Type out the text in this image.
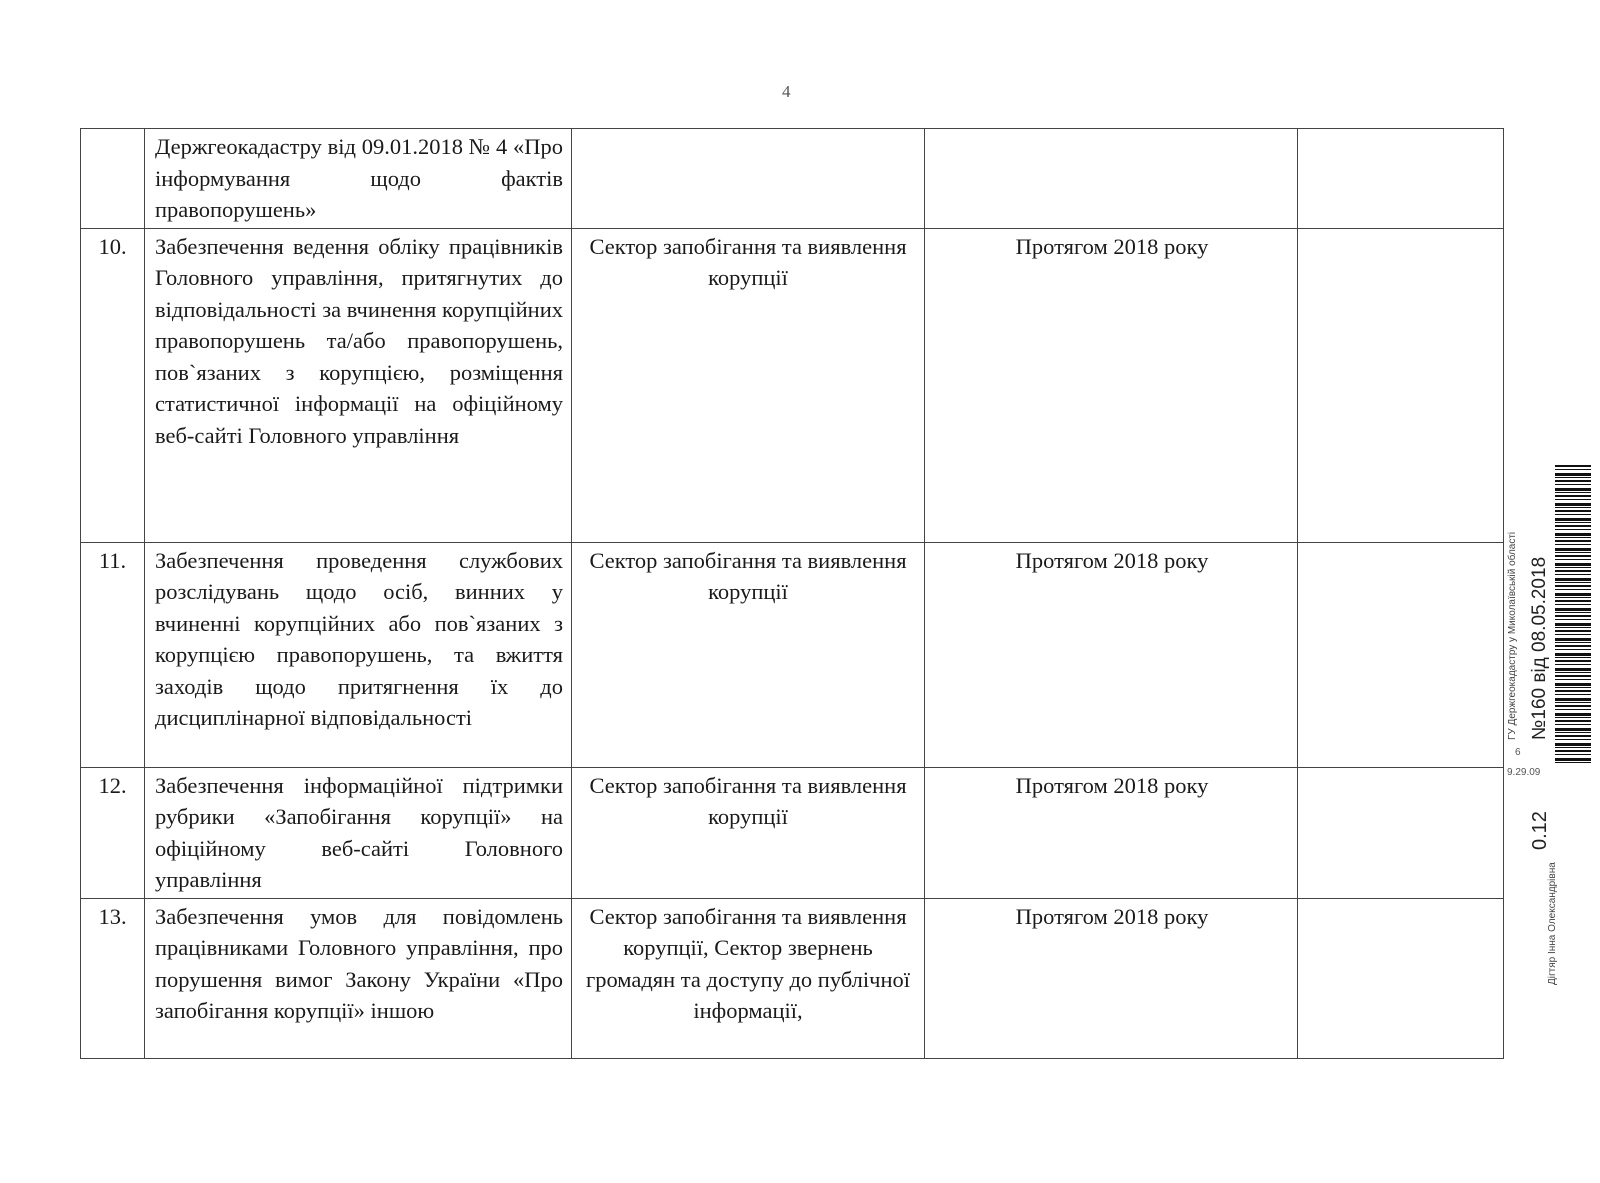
4
	Держгеокадастру від 09.01.2018 № 4 «Про інформування щодо фактів правопорушень»			
10.	Забезпечення ведення обліку працівників Головного управління, притягнутих до відповідальності за вчинення корупційних правопорушень та/або правопорушень, пов`язаних з корупцією, розміщення статистичної інформації на офіційному веб-сайті Головного управління	Сектор запобігання та виявлення корупції	Протягом 2018 року	
11.	Забезпечення проведення службових розслідувань щодо осіб, винних у вчиненні корупційних або пов`язаних з корупцією правопорушень, та вжиття заходів щодо притягнення їх до дисциплінарної відповідальності	Сектор запобігання та виявлення корупції	Протягом 2018 року	
12.	Забезпечення інформаційної підтримки рубрики «Запобігання корупції» на офіційному веб-сайті Головного управління	Сектор запобігання та виявлення корупції	Протягом 2018 року	
13.	Забезпечення умов для повідомлень працівниками Головного управління, про порушення вимог Закону України «Про запобігання корупції» іншою	Сектор запобігання та виявлення корупції, Сектор звернень громадян та доступу до публічної інформації,	Протягом 2018 року	
ГУ Держгеокадастру у Миколаївській області №160 від 08.05.2018
6
9.29.09
0.12
Дігтяр Інна Олександрівна
